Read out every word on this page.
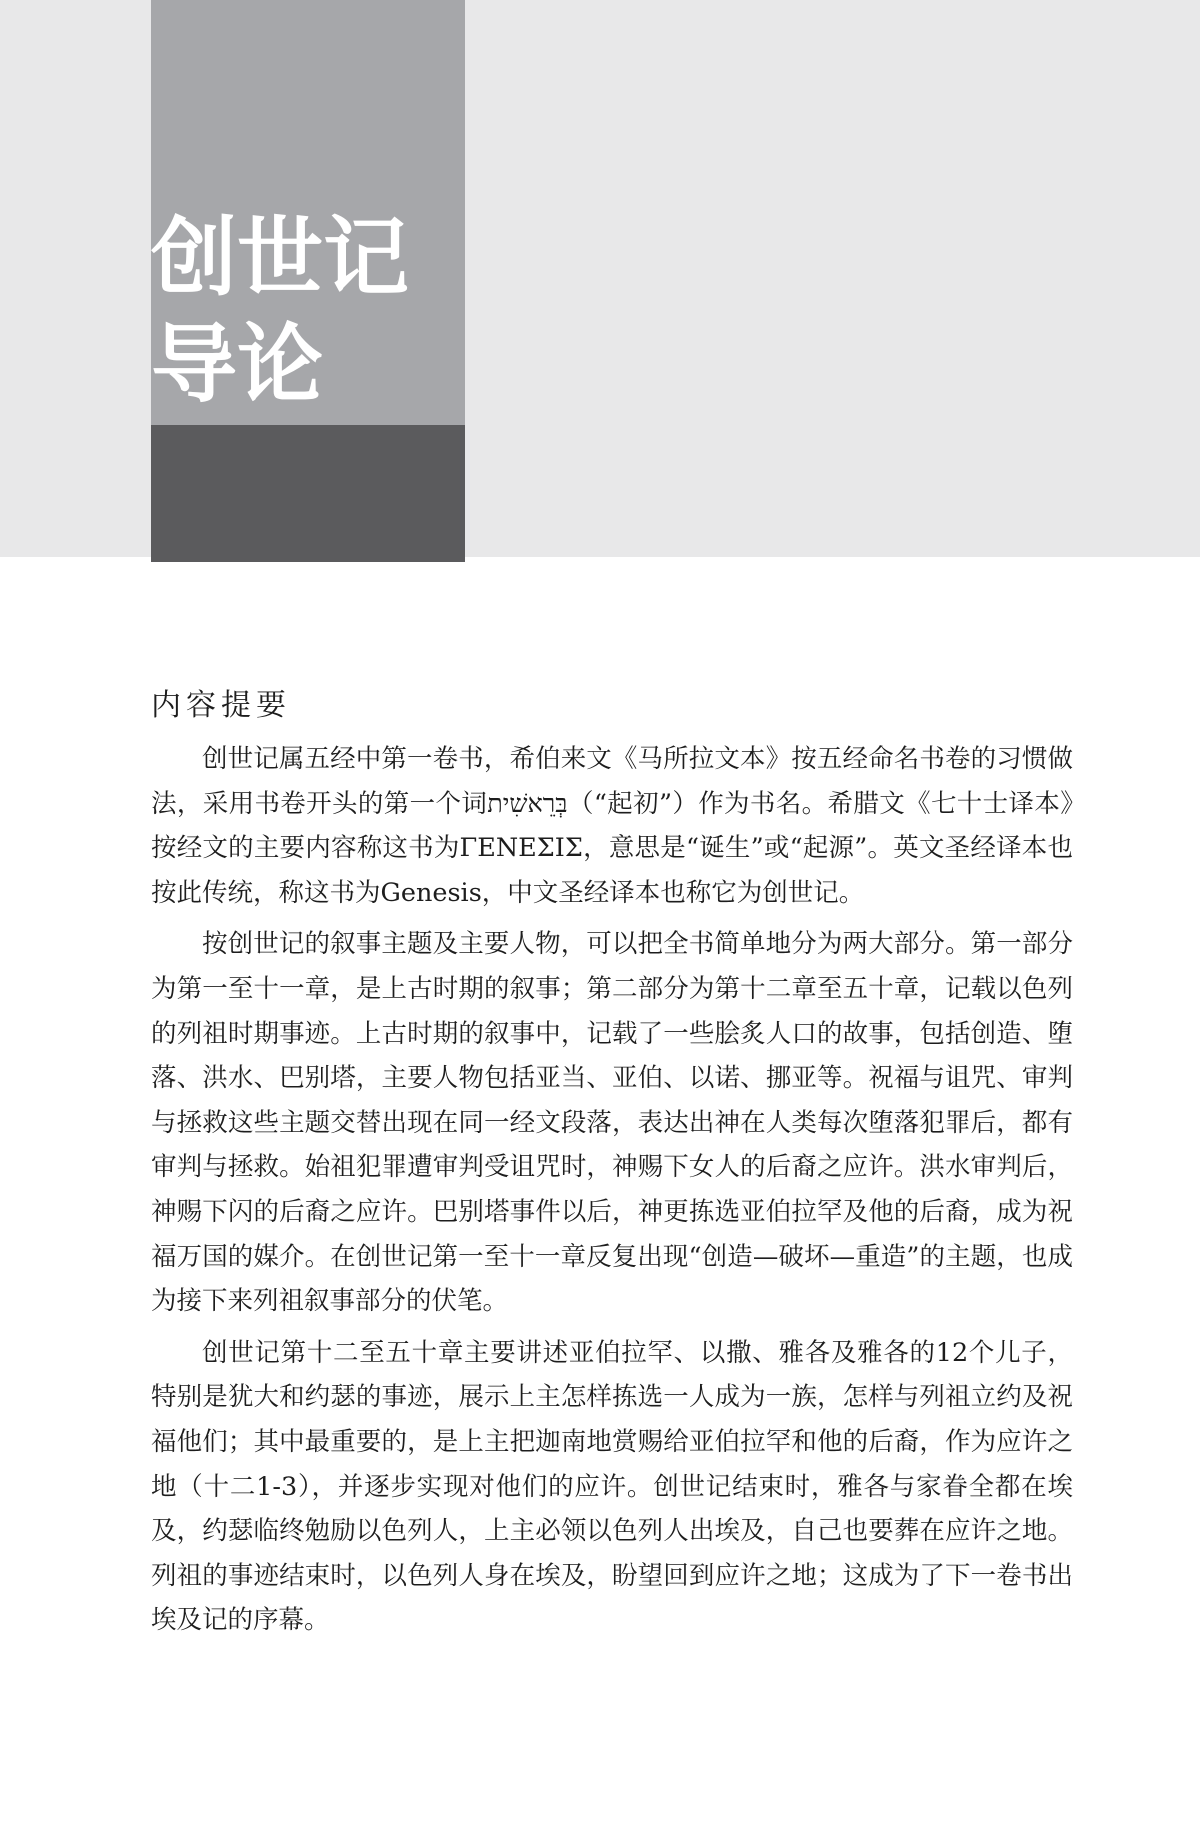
创世记
导论
内容提要

创世记属五经中第一卷书，希伯来文《马所拉文本》按五经命名书卷的习惯做法，采用书卷开头的第一个词בְּרֵאשִׁית（“起初”）作为书名。希腊文《七十士译本》按经文的主要内容称这书为ΓΕΝΕΣΙΣ，意思是“诞生”或“起源”。英文圣经译本也按此传统，称这书为Genesis，中文圣经译本也称它为创世记。

按创世记的叙事主题及主要人物，可以把全书简单地分为两大部分。第一部分为第一至十一章，是上古时期的叙事；第二部分为第十二章至五十章，记载以色列的列祖时期事迹。上古时期的叙事中，记载了一些脍炙人口的故事，包括创造、堕落、洪水、巴别塔，主要人物包括亚当、亚伯、以诺、挪亚等。祝福与诅咒、审判与拯救这些主题交替出现在同一经文段落，表达出神在人类每次堕落犯罪后，都有审判与拯救。始祖犯罪遭审判受诅咒时，神赐下女人的后裔之应许。洪水审判后，神赐下闪的后裔之应许。巴别塔事件以后，神更拣选亚伯拉罕及他的后裔，成为祝福万国的媒介。在创世记第一至十一章反复出现“创造—破坏—重造”的主题，也成为接下来列祖叙事部分的伏笔。

创世记第十二至五十章主要讲述亚伯拉罕、以撒、雅各及雅各的12个儿子，特别是犹大和约瑟的事迹，展示上主怎样拣选一人成为一族，怎样与列祖立约及祝福他们；其中最重要的，是上主把迦南地赏赐给亚伯拉罕和他的后裔，作为应许之地（十二1-3），并逐步实现对他们的应许。创世记结束时，雅各与家眷全都在埃及，约瑟临终勉励以色列人，上主必领以色列人出埃及，自己也要葬在应许之地。列祖的事迹结束时，以色列人身在埃及，盼望回到应许之地；这成为了下一卷书出埃及记的序幕。
